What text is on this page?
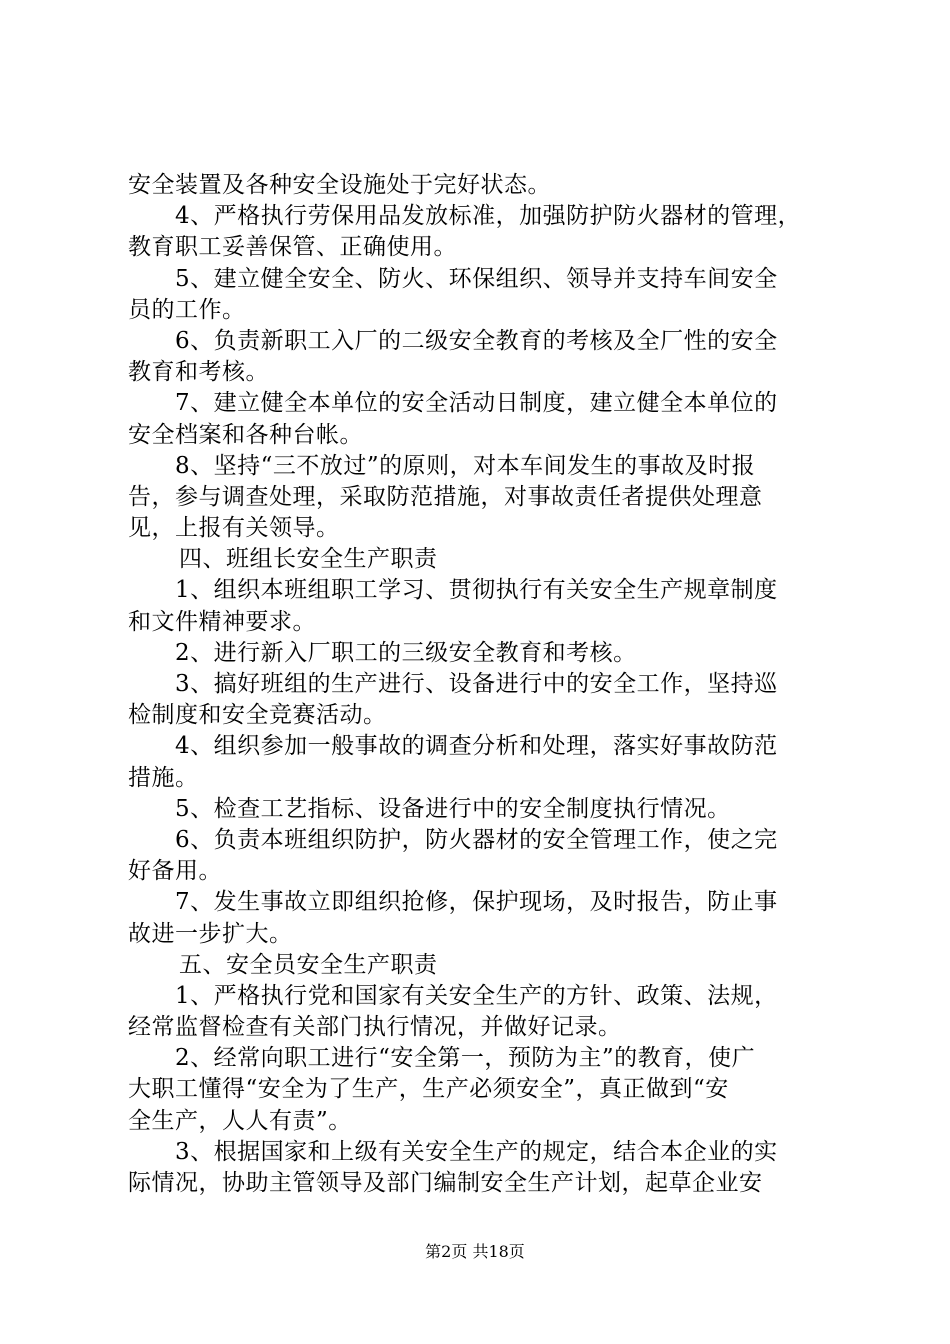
安全装置及各种安全设施处于完好状态。
4、严格执行劳保用品发放标准，加强防护防火器材的管理，
教育职工妥善保管、正确使用。
5、建立健全安全、防火、环保组织、领导并支持车间安全
员的工作。
6、负责新职工入厂的二级安全教育的考核及全厂性的安全
教育和考核。
7、建立健全本单位的安全活动日制度，建立健全本单位的
安全档案和各种台帐。
8、坚持“三不放过”的原则，对本车间发生的事故及时报
告，参与调查处理，采取防范措施，对事故责任者提供处理意
见，上报有关领导。
四、班组长安全生产职责
1、组织本班组职工学习、贯彻执行有关安全生产规章制度
和文件精神要求。
2、进行新入厂职工的三级安全教育和考核。
3、搞好班组的生产进行、设备进行中的安全工作，坚持巡
检制度和安全竞赛活动。
4、组织参加一般事故的调查分析和处理，落实好事故防范
措施。
5、检查工艺指标、设备进行中的安全制度执行情况。
6、负责本班组织防护，防火器材的安全管理工作，使之完
好备用。
7、发生事故立即组织抢修，保护现场，及时报告，防止事
故进一步扩大。
五、安全员安全生产职责
1、严格执行党和国家有关安全生产的方针、政策、法规，
经常监督检查有关部门执行情况，并做好记录。
2、经常向职工进行“安全第一，预防为主”的教育，使广
大职工懂得“安全为了生产，生产必须安全”，真正做到“安
全生产，人人有责”。
3、根据国家和上级有关安全生产的规定，结合本企业的实
际情况，协助主管领导及部门编制安全生产计划，起草企业安
第2页 共18页
